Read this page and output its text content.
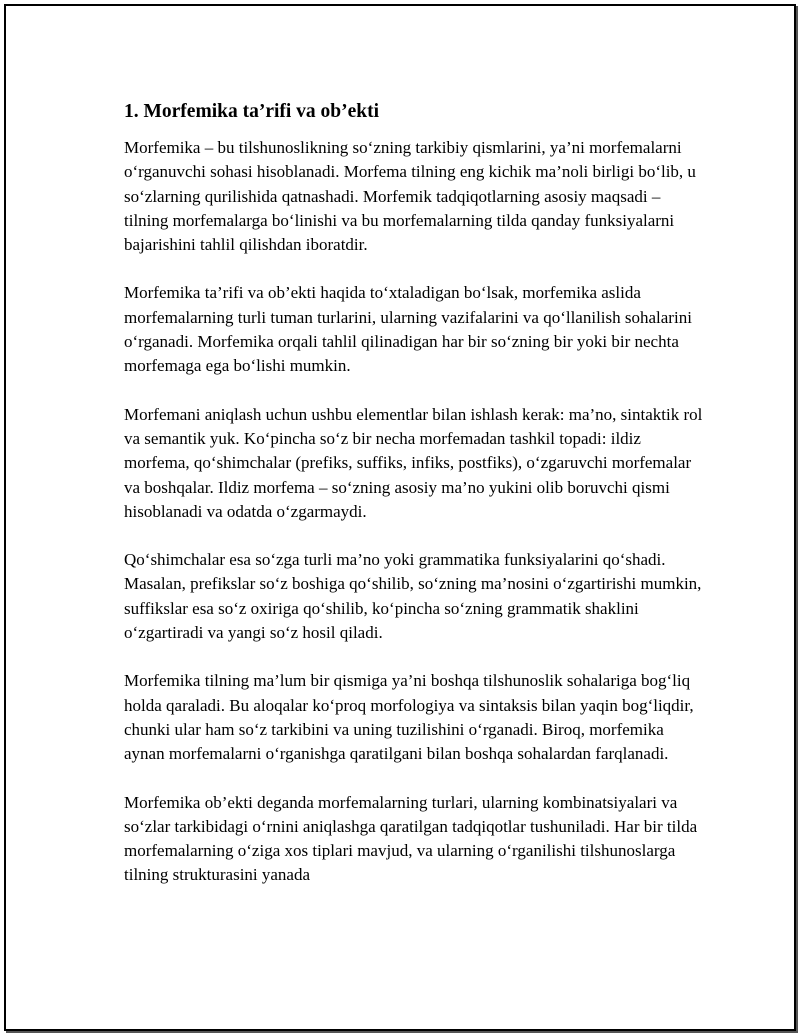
1. Morfemika ta’rifi va ob’ekti

Morfemika – bu tilshunoslikning so‘zning tarkibiy qismlarini, ya’ni morfemalarni o‘rganuvchi sohasi hisoblanadi. Morfema tilning eng kichik ma’noli birligi bo‘lib, u so‘zlarning qurilishida qatnashadi. Morfemik tadqiqotlarning asosiy maqsadi – tilning morfemalarga bo‘linishi va bu morfemalarning tilda qanday funksiyalarni bajarishini tahlil qilishdan iboratdir.

Morfemika ta’rifi va ob’ekti haqida to‘xtaladigan bo‘lsak, morfemika aslida morfemalarning turli tuman turlarini, ularning vazifalarini va qo‘llanilish sohalarini o‘rganadi. Morfemika orqali tahlil qilinadigan har bir so‘zning bir yoki bir nechta morfemaga ega bo‘lishi mumkin.

Morfemani aniqlash uchun ushbu elementlar bilan ishlash kerak: ma’no, sintaktik rol va semantik yuk. Ko‘pincha so‘z bir necha morfemadan tashkil topadi: ildiz morfema, qo‘shimchalar (prefiks, suffiks, infiks, postfiks), o‘zgaruvchi morfemalar va boshqalar. Ildiz morfema – so‘zning asosiy ma’no yukini olib boruvchi qismi hisoblanadi va odatda o‘zgarmaydi.

Qo‘shimchalar esa so‘zga turli ma’no yoki grammatika funksiyalarini qo‘shadi. Masalan, prefikslar so‘z boshiga qo‘shilib, so‘zning ma’nosini o‘zgartirishi mumkin, suffikslar esa so‘z oxiriga qo‘shilib, ko‘pincha so‘zning grammatik shaklini o‘zgartiradi va yangi so‘z hosil qiladi.

Morfemika tilning ma’lum bir qismiga ya’ni boshqa tilshunoslik sohalariga bog‘liq holda qaraladi. Bu aloqalar ko‘proq morfologiya va sintaksis bilan yaqin bog‘liqdir, chunki ular ham so‘z tarkibini va uning tuzilishini o‘rganadi. Biroq, morfemika aynan morfemalarni o‘rganishga qaratilgani bilan boshqa sohalardan farqlanadi.

Morfemika ob’ekti deganda morfemalarning turlari, ularning kombinatsiyalari va so‘zlar tarkibidagi o‘rnini aniqlashga qaratilgan tadqiqotlar tushuniladi. Har bir tilda morfemalarning o‘ziga xos tiplari mavjud, va ularning o‘rganilishi tilshunoslarga tilning strukturasini yanada
